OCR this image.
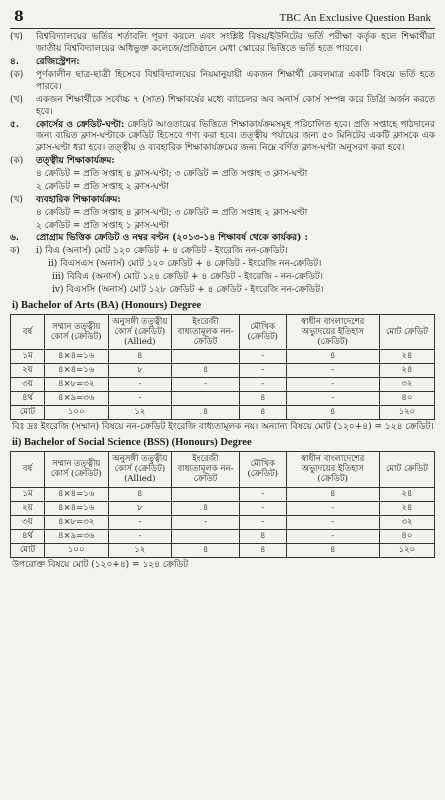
8	TBC An Exclusive Question Bank
(খ)	বিশ্ববিদ্যালয়ের ভর্তির শর্তাবলি পূরণ করলে এবং সংশ্লিষ্ট বিষয়/ইউনিটের ভর্তি পরীক্ষা কর্তৃক হলে শিক্ষার্থীরা জাতীয় বিশ্ববিদ্যালয়ের অধিভুক্ত কলেজে/প্রতিষ্ঠানে মেধা স্কোরের ভিত্তিতে ভর্তি হতে পারবে।
৪.	রেজিস্ট্রেশন:
(ক)	পূর্ণকালীন ছাত্র-ছাত্রী হিসেবে বিশ্ববিদ্যালয়ের নিয়মানুযায়ী একজন শিক্ষার্থী কেবলমাত্র একটি বিষয়ে ভর্তি হতে পারবে।
(খ)	একজন শিক্ষার্থীকে সর্বোচ্চ ৭ (সাত) শিক্ষাবর্ষের মধ্যে ব্যাচেলর অব অনার্স কোর্স সম্পন্ন করে ডিগ্রি অর্জন করতে হবে।
৫.	কোর্সের ও ক্রেডিট-ঘণ্টা: ক্রেডিট আওতায়ের ভিত্তিতে শিক্ষাকার্যক্রমসমূহ পরিচালিত হবে। প্রতি সপ্তাহে পাঠদানের জন্য ব্যয়িত ক্লাস-ঘণ্টাকে ক্রেডিট হিসেবে গণ্য করা হবে। তত্ত্বীয় পর্যায়ের জন্য ৫০ মিনিটের একটি ক্লাসকে এক ক্লাস-ঘণ্টা ধরা হবে। তত্ত্বীয় ও ব্যবহারিক শিক্ষাকার্যক্রমের জন্য নিম্নে বর্ণিত ক্লাস-ঘণ্টা অনুসরণ করা হবে।
(ক)	তত্ত্বীয় শিক্ষাকার্যক্রম:
৪ ক্রেডিট = প্রতি সপ্তাহ ৪ ক্লাস-ঘণ্টা; ৩ ক্রেডিট = প্রতি সপ্তাহ ৩ ক্লাস-ঘণ্টা
২ ক্রেডিট = প্রতি সপ্তাহ ২ ক্লাস-ঘণ্টা
(খ)	ব্যবহারিক শিক্ষাকার্যক্রম:
৪ ক্রেডিট = প্রতি সপ্তাহ ৪ ক্লাস-ঘণ্টা; ৩ ক্রেডিট = প্রতি সপ্তাহ ২ ক্লাস-ঘণ্টা
২ ক্রেডিট = প্রতি সপ্তাহ ১ ক্লাস-ঘণ্টা
৬.	প্রোগ্রাম ভিত্তিক ক্রেডিট ও নম্বর বণ্টন (২০১৩-১৪ শিক্ষাবর্ষ থেকে কার্যকর) :
ক)	i) বিএ (অনার্স) মোট ১২০ ক্রেডিট + ৪ ক্রেডিট - ইংরেজি নন-ক্রেডিট।
ii) বিএসএস (অনার্স) মোট ১২০ ক্রেডিট + ৪ ক্রেডিট - ইংরেজি নন-ক্রেডিট।
iii) বিবিএ (অনার্স) মোট ১২৪ ক্রেডিট + ৪ ক্রেডিট - ইংরেজি - নন-ক্রেডিট।
iv) বিএসসি (অনার্স) মোট ১২৮ ক্রেডিট + ৪ ক্রেডিট - ইংরেজি নন-ক্রেডিট।
i) Bachelor of Arts (BA) (Honours) Degree
বর্ষ	সম্মান তত্ত্বীয় কোর্স (ক্রেডিট)	অনুসঙ্গী তত্ত্বীয় কোর্স (ক্রেডিট) (Allied)	ইংরেজী বাধ্যতামূলক নন-ক্রেডিট	মৌখিক (ক্রেডিট)	স্বাধীন বাংলাদেশের অভ্যুদয়ের ইতিহাস (ক্রেডিট)	মোট ক্রেডিট
১ম	৪×৪=১৬	৪		-	৪	২৪
২য়	৪×৪=১৬	৮	৪	-	-	২৪
৩য়	৪×৮=৩২	-	-	-	-	৩২
৪র্থ	৪×৯=৩৬	-		৪	-	৪০
মোট	১০০	১২	৪	৪	৪	১২০
বিঃ দ্রঃ ইংরেজি (সম্মান) বিষয়ে নন-ক্রেডিট ইংরেজি বাধ্যতামূলক নয়। অন্যান্য বিষয়ে মোট (১২০+৪) = ১২৪ ক্রেডিট।
ii) Bachelor of Social Science (BSS) (Honours) Degree
বর্ষ	সম্মান তত্ত্বীয় কোর্স (ক্রেডিট)	অনুসঙ্গী তত্ত্বীয় কোর্স (ক্রেডিট) (Allied)	ইংরেজী বাধ্যতামূলক নন-ক্রেডিট	মৌখিক (ক্রেডিট)	স্বাধীন বাংলাদেশের অভ্যুদয়ের ইতিহাস (ক্রেডিট)	মোট ক্রেডিট
১ম	৪×৪=১৬	৪		-	৪	২৪
২য়	৪×৪=১৬	৮	৪	-	-	২৪
৩য়	৪×৮=৩২	-	-	-	-	৩২
৪র্থ	৪×৯=৩৬	-		৪	-	৪০
মোট	১০০	১২	৪	৪	৪	১২০
উপরোক্ত বিষয়ে মোট (১২০+৪) = ১২৪ ক্রেডিট
